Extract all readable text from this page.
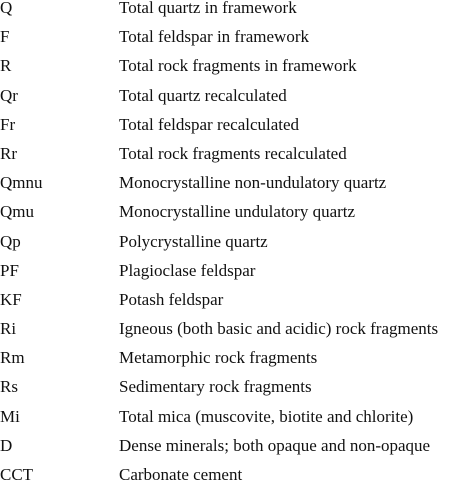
Q	Total quartz in framework
F	Total feldspar in framework
R	Total rock fragments in framework
Qr	Total quartz recalculated
Fr	Total feldspar recalculated
Rr	Total rock fragments recalculated
Qmnu	Monocrystalline non-undulatory quartz
Qmu	Monocrystalline undulatory quartz
Qp	Polycrystalline quartz
PF	Plagioclase feldspar
KF	Potash feldspar
Ri	Igneous (both basic and acidic) rock fragments
Rm	Metamorphic rock fragments
Rs	Sedimentary rock fragments
Mi	Total mica (muscovite, biotite and chlorite)
D	Dense minerals; both opaque and non-opaque
CCT	Carbonate cement
